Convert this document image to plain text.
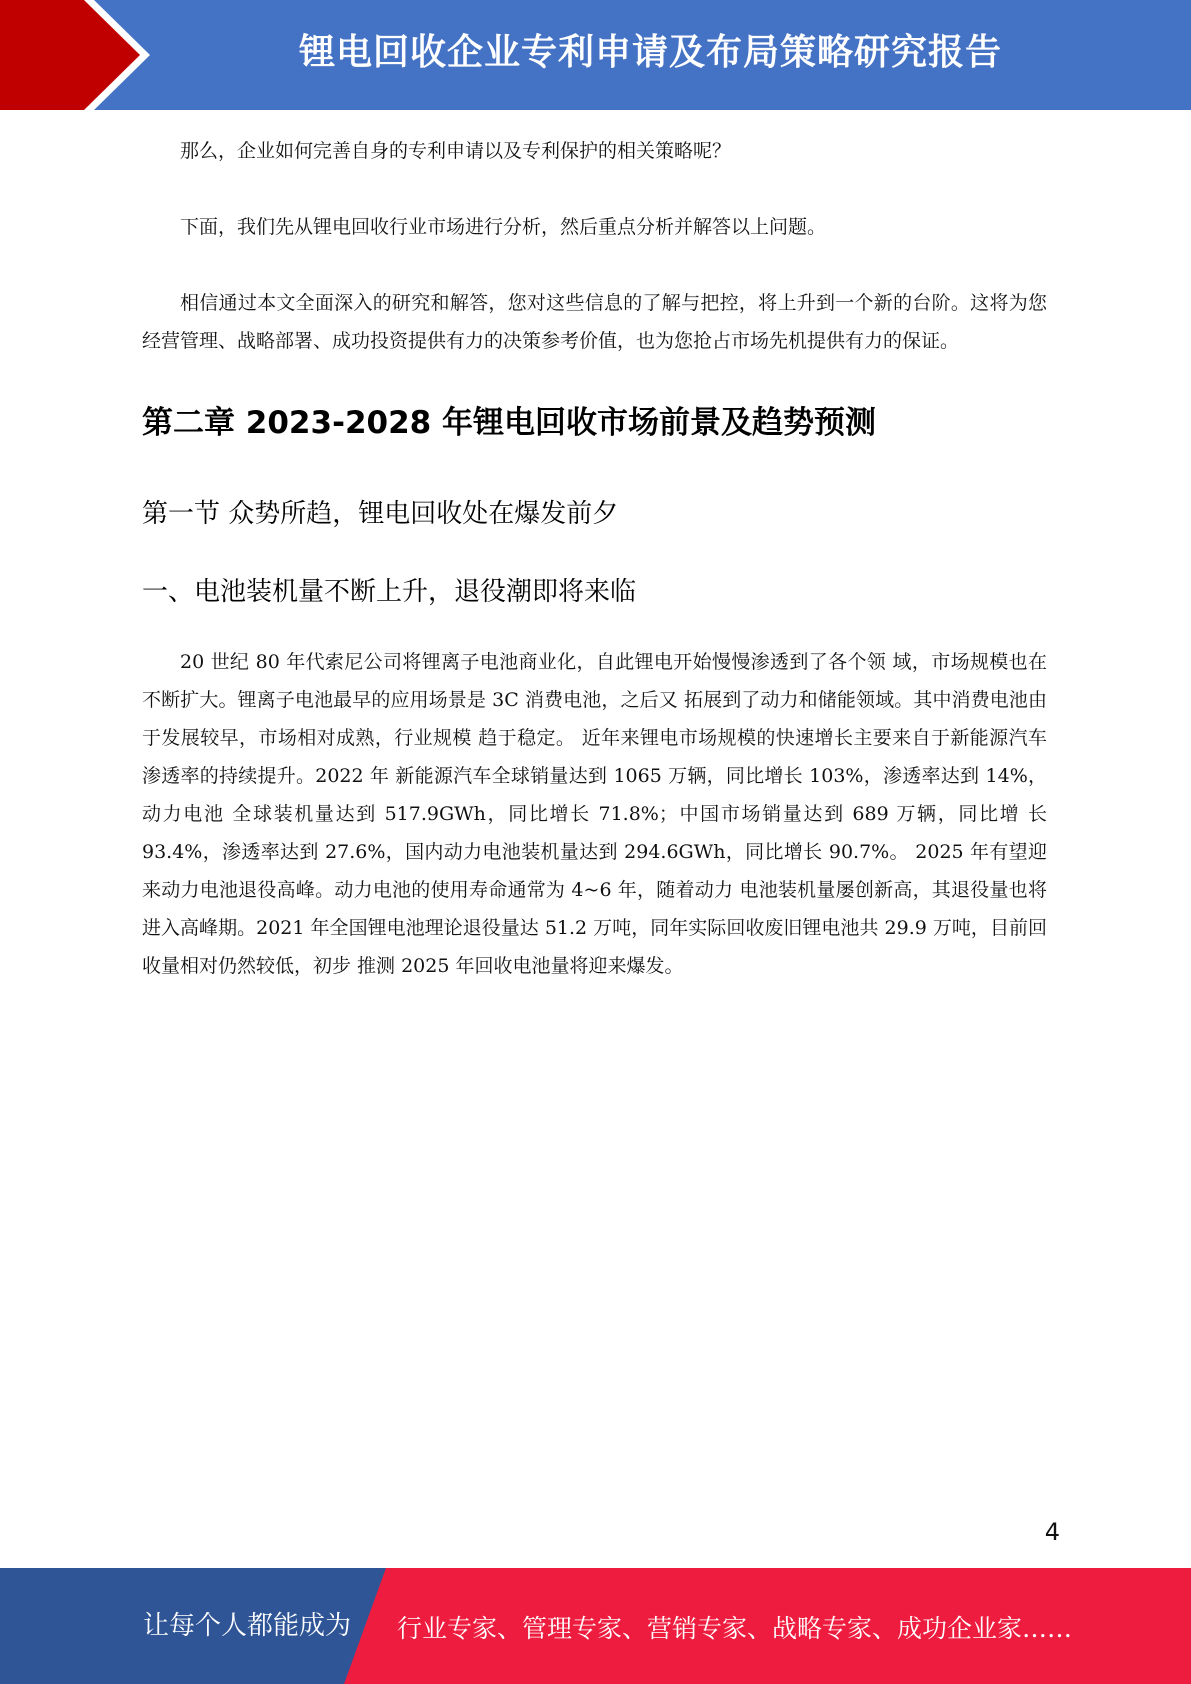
锂电回收企业专利申请及布局策略研究报告

那么，企业如何完善自身的专利申请以及专利保护的相关策略呢？

下面，我们先从锂电回收行业市场进行分析，然后重点分析并解答以上问题。

相信通过本文全面深入的研究和解答，您对这些信息的了解与把控，将上升到一个新的台阶。这将为您经营管理、战略部署、成功投资提供有力的决策参考价值，也为您抢占市场先机提供有力的保证。

第二章 2023-2028 年锂电回收市场前景及趋势预测
第一节 众势所趋，锂电回收处在爆发前夕
一、电池装机量不断上升，退役潮即将来临

20 世纪 80 年代索尼公司将锂离子电池商业化，自此锂电开始慢慢渗透到了各个领 域，市场规模也在不断扩大。锂离子电池最早的应用场景是 3C 消费电池，之后又 拓展到了动力和储能领域。其中消费电池由于发展较早，市场相对成熟，行业规模 趋于稳定。 近年来锂电市场规模的快速增长主要来自于新能源汽车渗透率的持续提升。2022 年 新能源汽车全球销量达到 1065 万辆，同比增长 103%，渗透率达到 14%，动力电池 全球装机量达到 517.9GWh，同比增长 71.8%；中国市场销量达到 689 万辆，同比增 长 93.4%，渗透率达到 27.6%，国内动力电池装机量达到 294.6GWh，同比增长 90.7%。 2025 年有望迎来动力电池退役高峰。动力电池的使用寿命通常为 4~6 年，随着动力 电池装机量屡创新高，其退役量也将进入高峰期。2021 年全国锂电池理论退役量达 51.2 万吨，同年实际回收废旧锂电池共 29.9 万吨，目前回收量相对仍然较低，初步 推测 2025 年回收电池量将迎来爆发。

4
让每个人都能成为 行业专家、管理专家、营销专家、战略专家、成功企业家……
